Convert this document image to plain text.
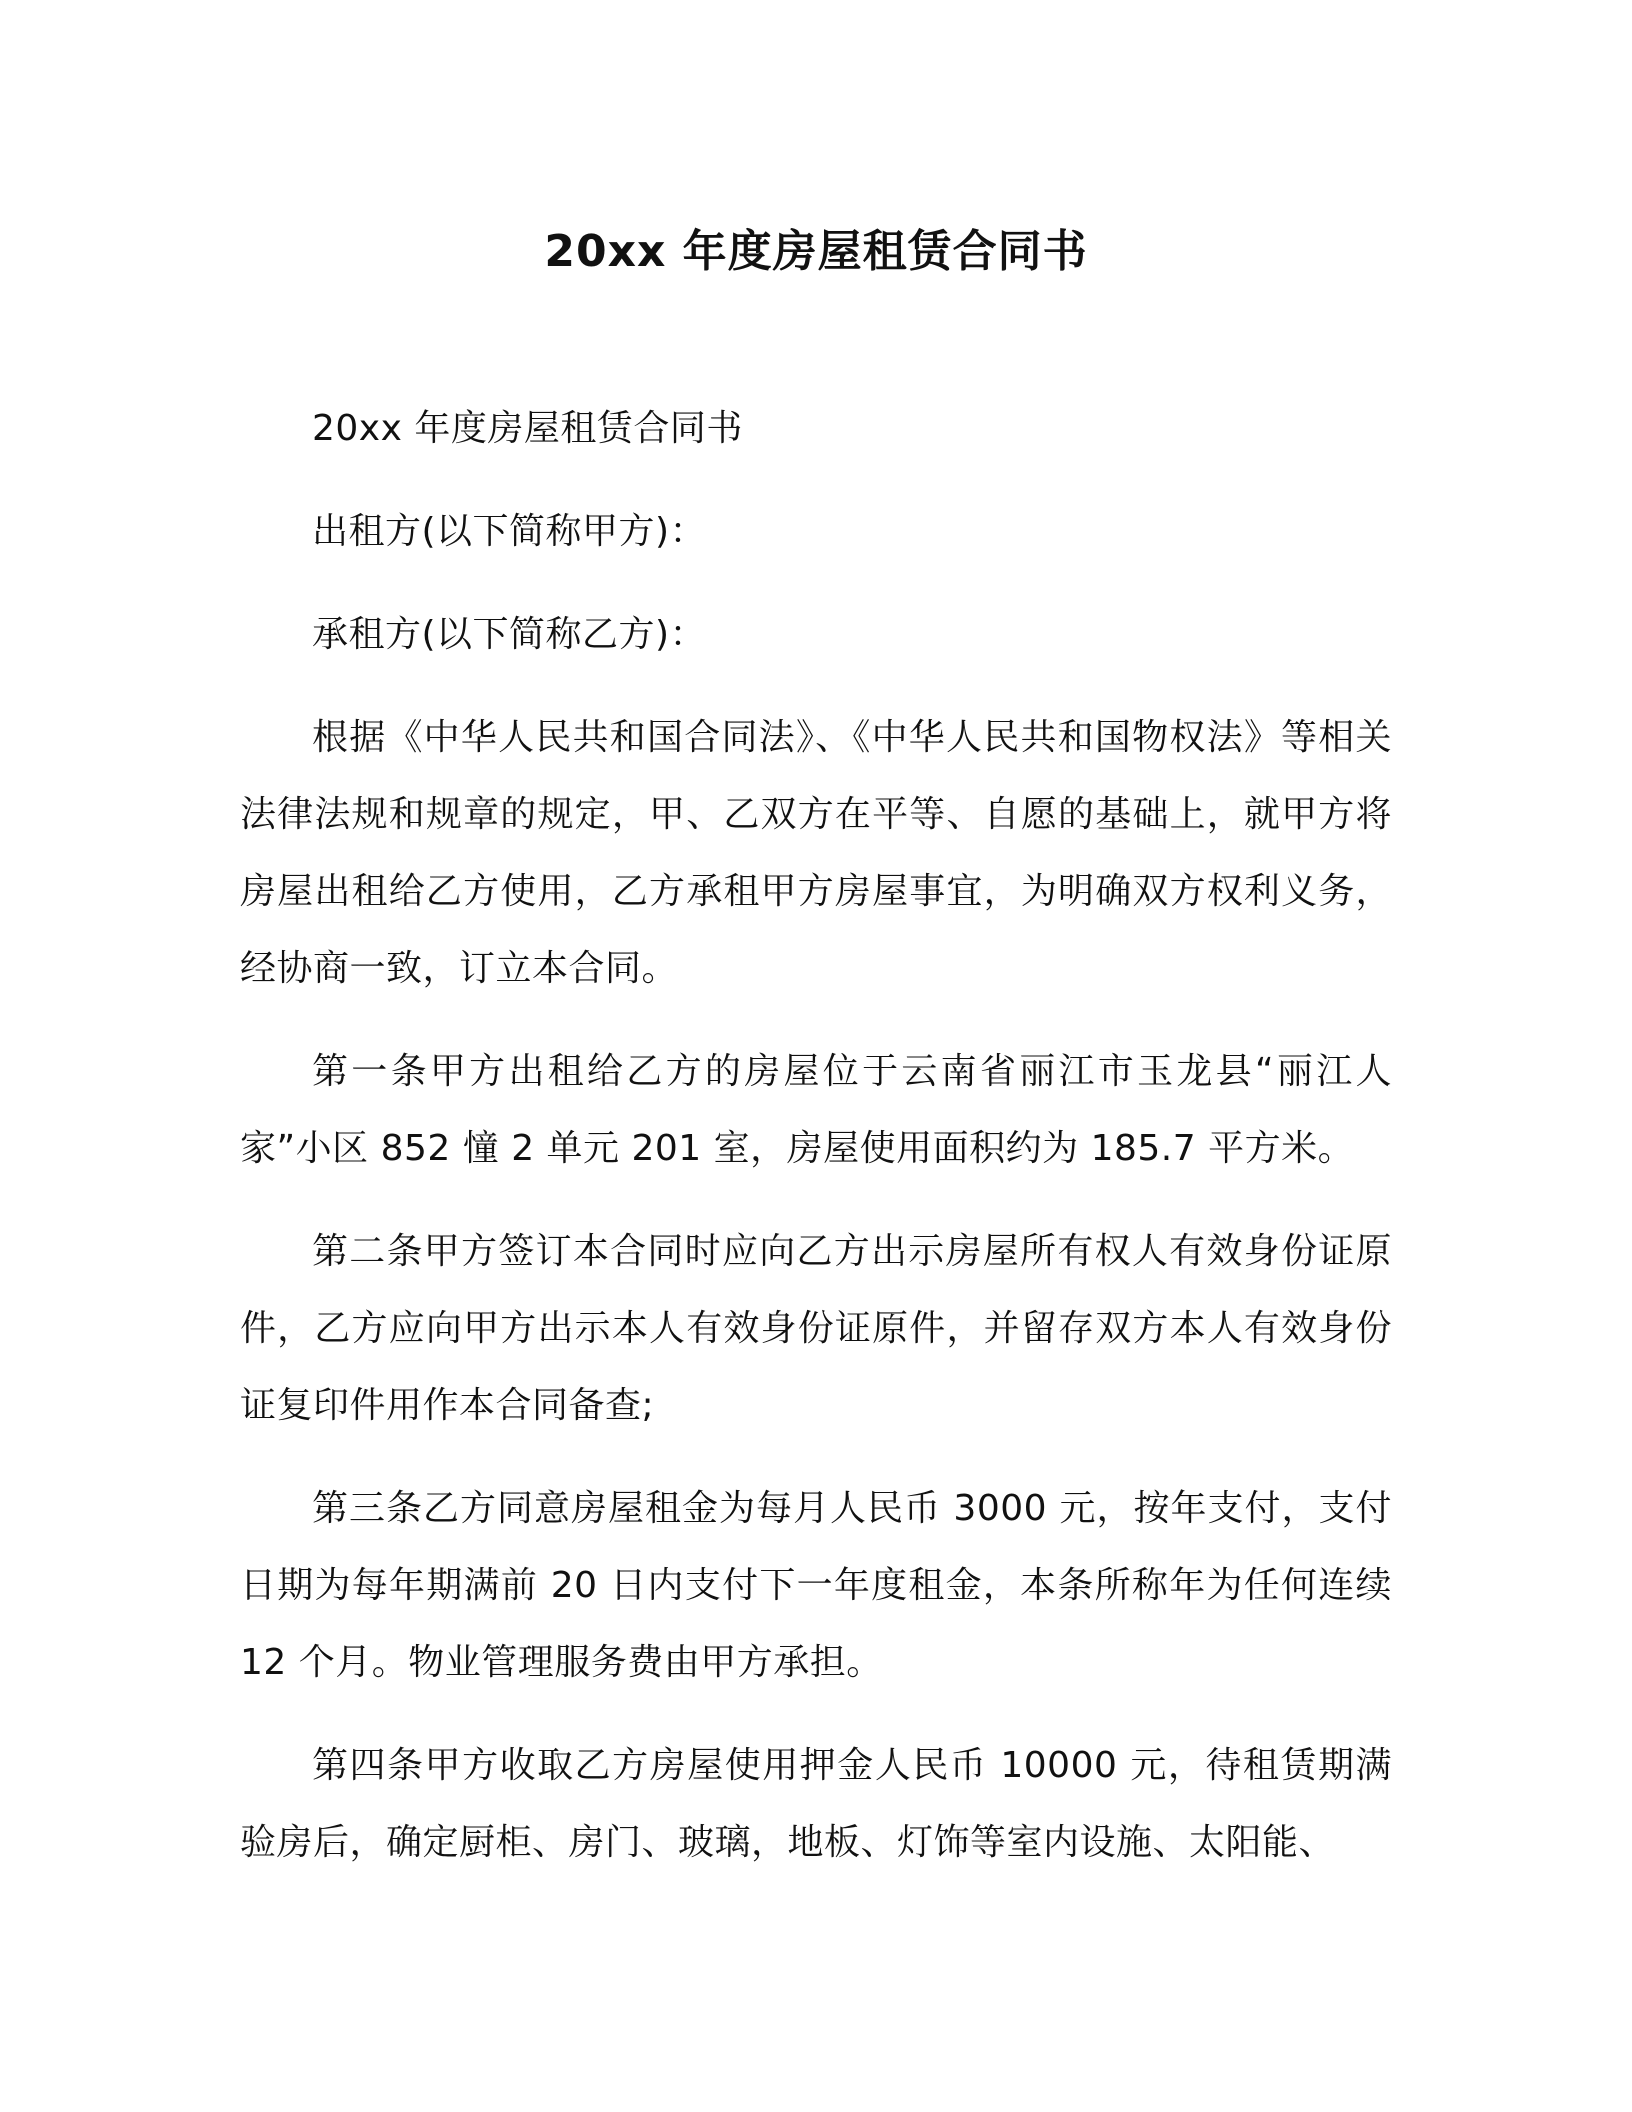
20xx 年度房屋租赁合同书

20xx 年度房屋租赁合同书

出租方(以下简称甲方)：

承租方(以下简称乙方)：

根据《中华人民共和国合同法》、《中华人民共和国物权法》等相关法律法规和规章的规定，甲、乙双方在平等、自愿的基础上，就甲方将房屋出租给乙方使用，乙方承租甲方房屋事宜，为明确双方权利义务，经协商一致，订立本合同。

第一条甲方出租给乙方的房屋位于云南省丽江市玉龙县“丽江人家”小区 852 憧 2 单元 201 室，房屋使用面积约为 185.7 平方米。

第二条甲方签订本合同时应向乙方出示房屋所有权人有效身份证原件，乙方应向甲方出示本人有效身份证原件，并留存双方本人有效身份证复印件用作本合同备查;

第三条乙方同意房屋租金为每月人民币 3000 元，按年支付，支付日期为每年期满前 20 日内支付下一年度租金，本条所称年为任何连续 12 个月。物业管理服务费由甲方承担。

第四条甲方收取乙方房屋使用押金人民币 10000 元，待租赁期满验房后，确定厨柜、房门、玻璃，地板、灯饰等室内设施、太阳能、
